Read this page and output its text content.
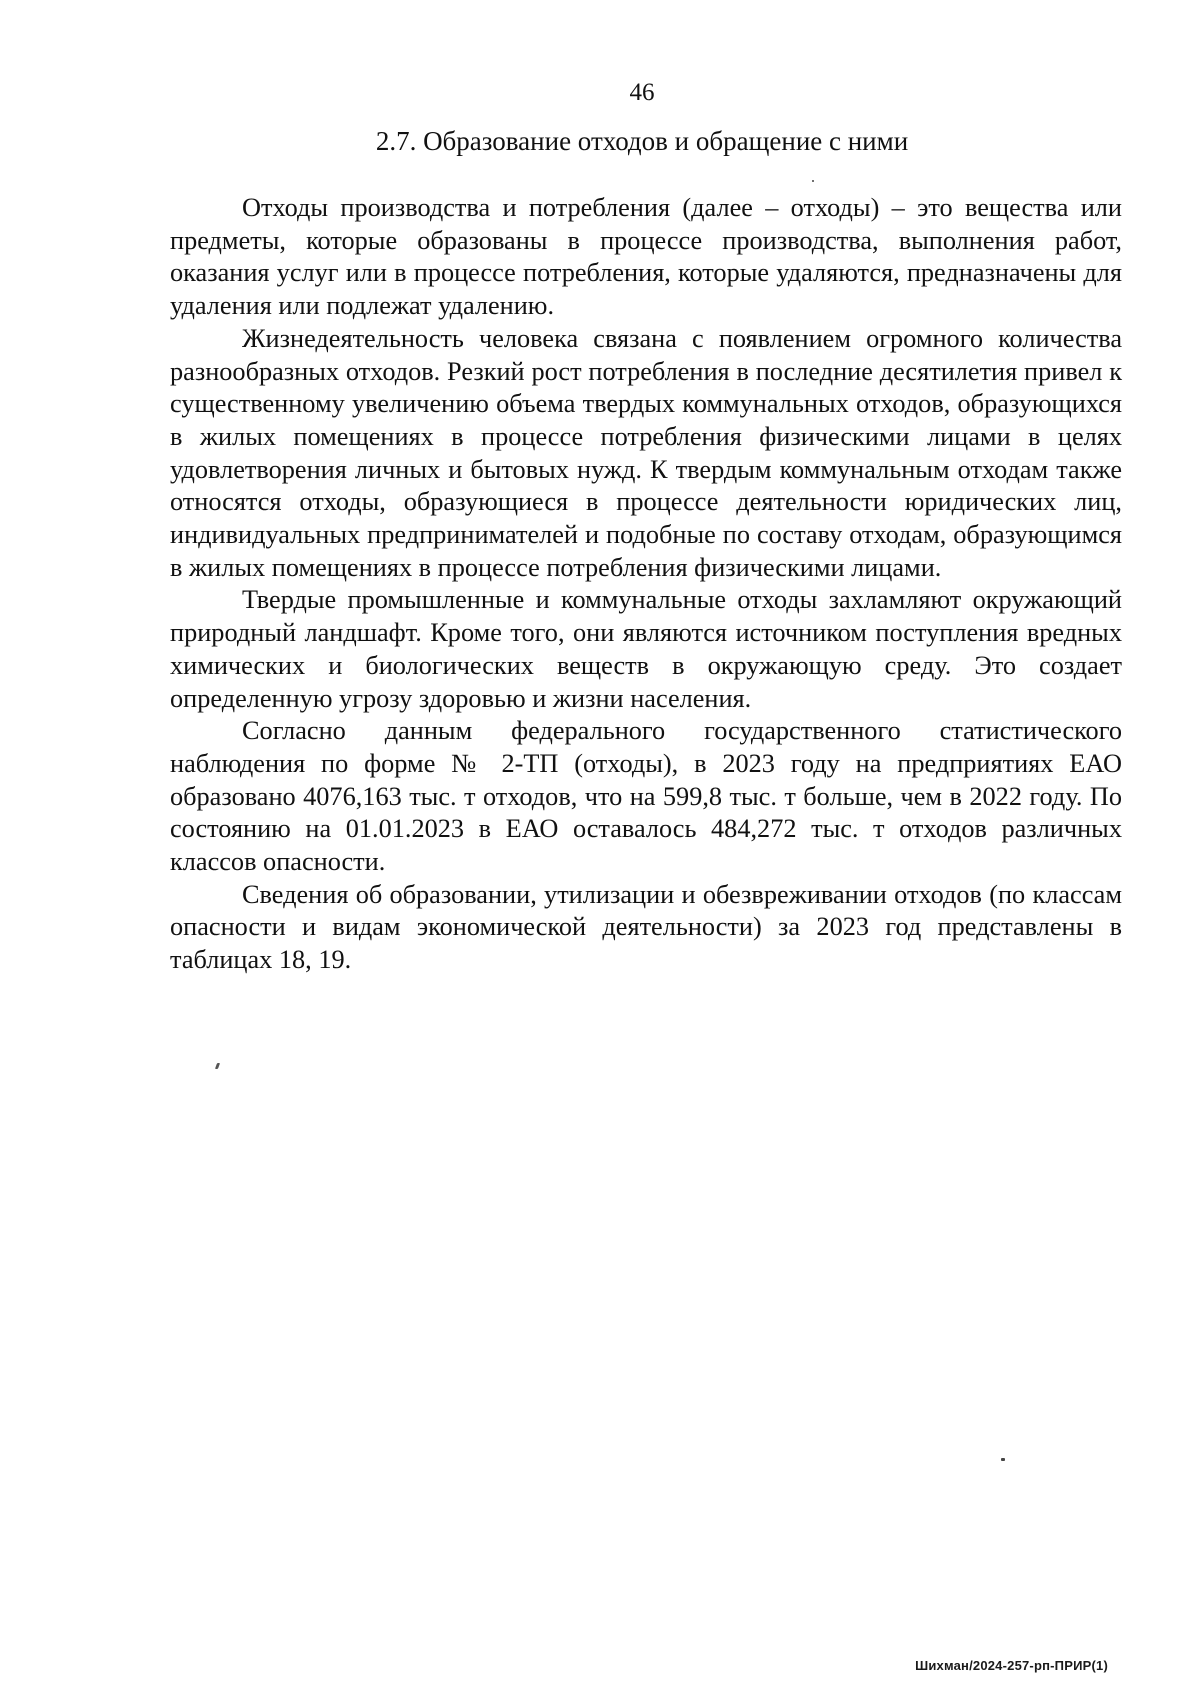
46
2.7. Образование отходов и обращение с ними

Отходы производства и потребления (далее – отходы) – это вещества или предметы, которые образованы в процессе производства, выполнения работ, оказания услуг или в процессе потребления, которые удаляются, предназначены для удаления или подлежат удалению.

Жизнедеятельность человека связана с появлением огромного количества разнообразных отходов. Резкий рост потребления в последние десятилетия привел к существенному увеличению объема твердых коммунальных отходов, образующихся в жилых помещениях в процессе потребления физическими лицами в целях удовлетворения личных и бытовых нужд. К твердым коммунальным отходам также относятся отходы, образующиеся в процессе деятельности юридических лиц, индивидуальных предпринимателей и подобные по составу отходам, образующимся в жилых помещениях в процессе потребления физическими лицами.

Твердые промышленные и коммунальные отходы захламляют окружающий природный ландшафт. Кроме того, они являются источником поступления вредных химических и биологических веществ в окружающую среду. Это создает определенную угрозу здоровью и жизни населения.

Согласно данным федерального государственного статистического наблюдения по форме № 2-ТП (отходы), в 2023 году на предприятиях ЕАО образовано 4076,163 тыс. т отходов, что на 599,8 тыс. т больше, чем в 2022 году. По состоянию на 01.01.2023 в ЕАО оставалось 484,272 тыс. т отходов различных классов опасности.

Сведения об образовании, утилизации и обезвреживании отходов (по классам опасности и видам экономической деятельности) за 2023 год представлены в таблицах 18, 19.

Шихман/2024-257-рп-ПРИР(1)
